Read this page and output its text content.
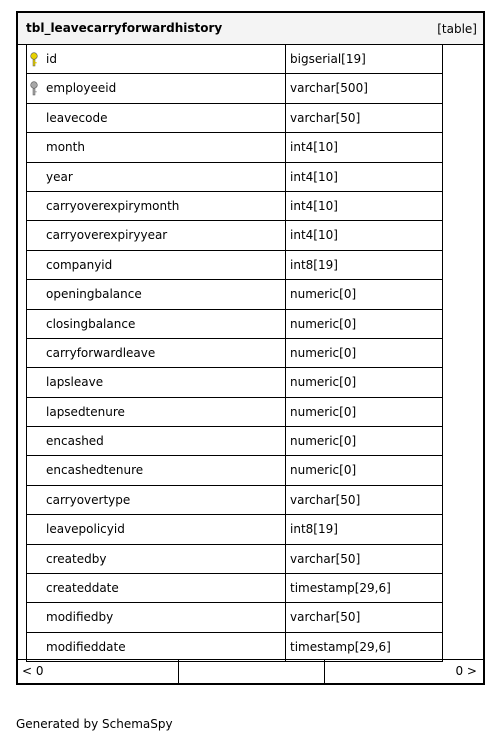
tbl_leavecarryforwardhistory	[table]
id	bigserial[19]
employeeid	varchar[500]
leavecode	varchar[50]
month	int4[10]
year	int4[10]
carryoverexpirymonth	int4[10]
carryoverexpiryyear	int4[10]
companyid	int8[19]
openingbalance	numeric[0]
closingbalance	numeric[0]
carryforwardleave	numeric[0]
lapsleave	numeric[0]
lapsedtenure	numeric[0]
encashed	numeric[0]
encashedtenure	numeric[0]
carryovertype	varchar[50]
leavepolicyid	int8[19]
createdby	varchar[50]
createddate	timestamp[29,6]
modifiedby	varchar[50]
modifieddate	timestamp[29,6]
< 0	0 >
Generated by SchemaSpy
